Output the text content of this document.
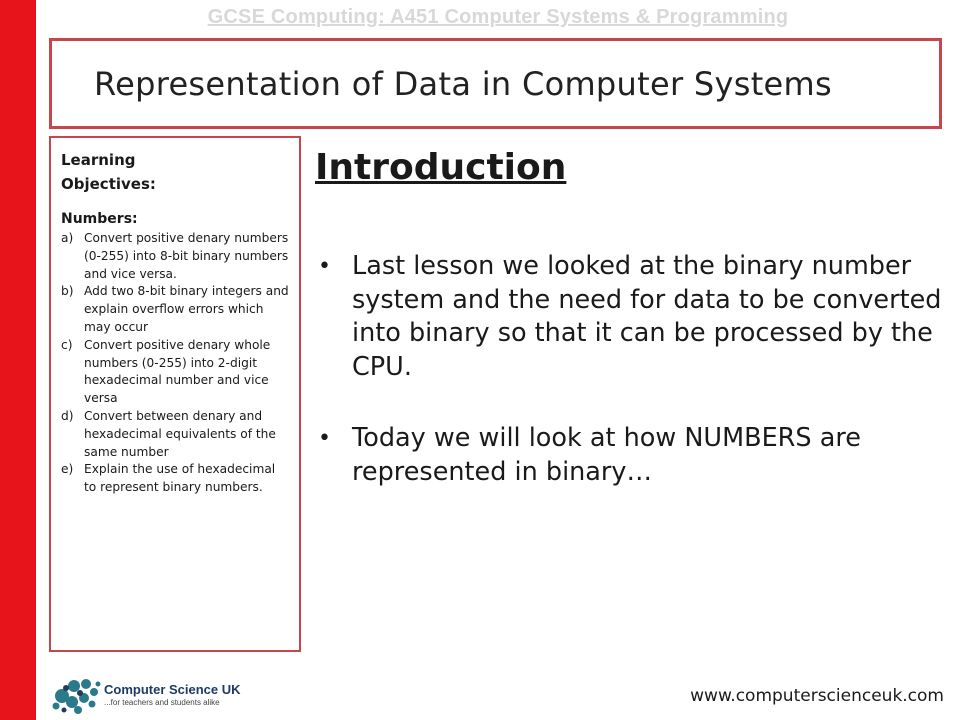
GCSE Computing: A451 Computer Systems & Programming
Representation of Data in Computer Systems
Learning Objectives:
Numbers:
a) Convert positive denary numbers (0-255) into 8-bit binary numbers and vice versa.
b) Add two 8-bit binary integers and explain overflow errors which may occur
c) Convert positive denary whole numbers (0-255) into 2-digit hexadecimal number and vice versa
d) Convert between denary and hexadecimal equivalents of the same number
e) Explain the use of hexadecimal to represent binary numbers.
Introduction
• Last lesson we looked at the binary number system and the need for data to be converted into binary so that it can be processed by the CPU.
• Today we will look at how NUMBERS are represented in binary…
Computer Science UK
...for teachers and students alike	www.computerscienceuk.com
